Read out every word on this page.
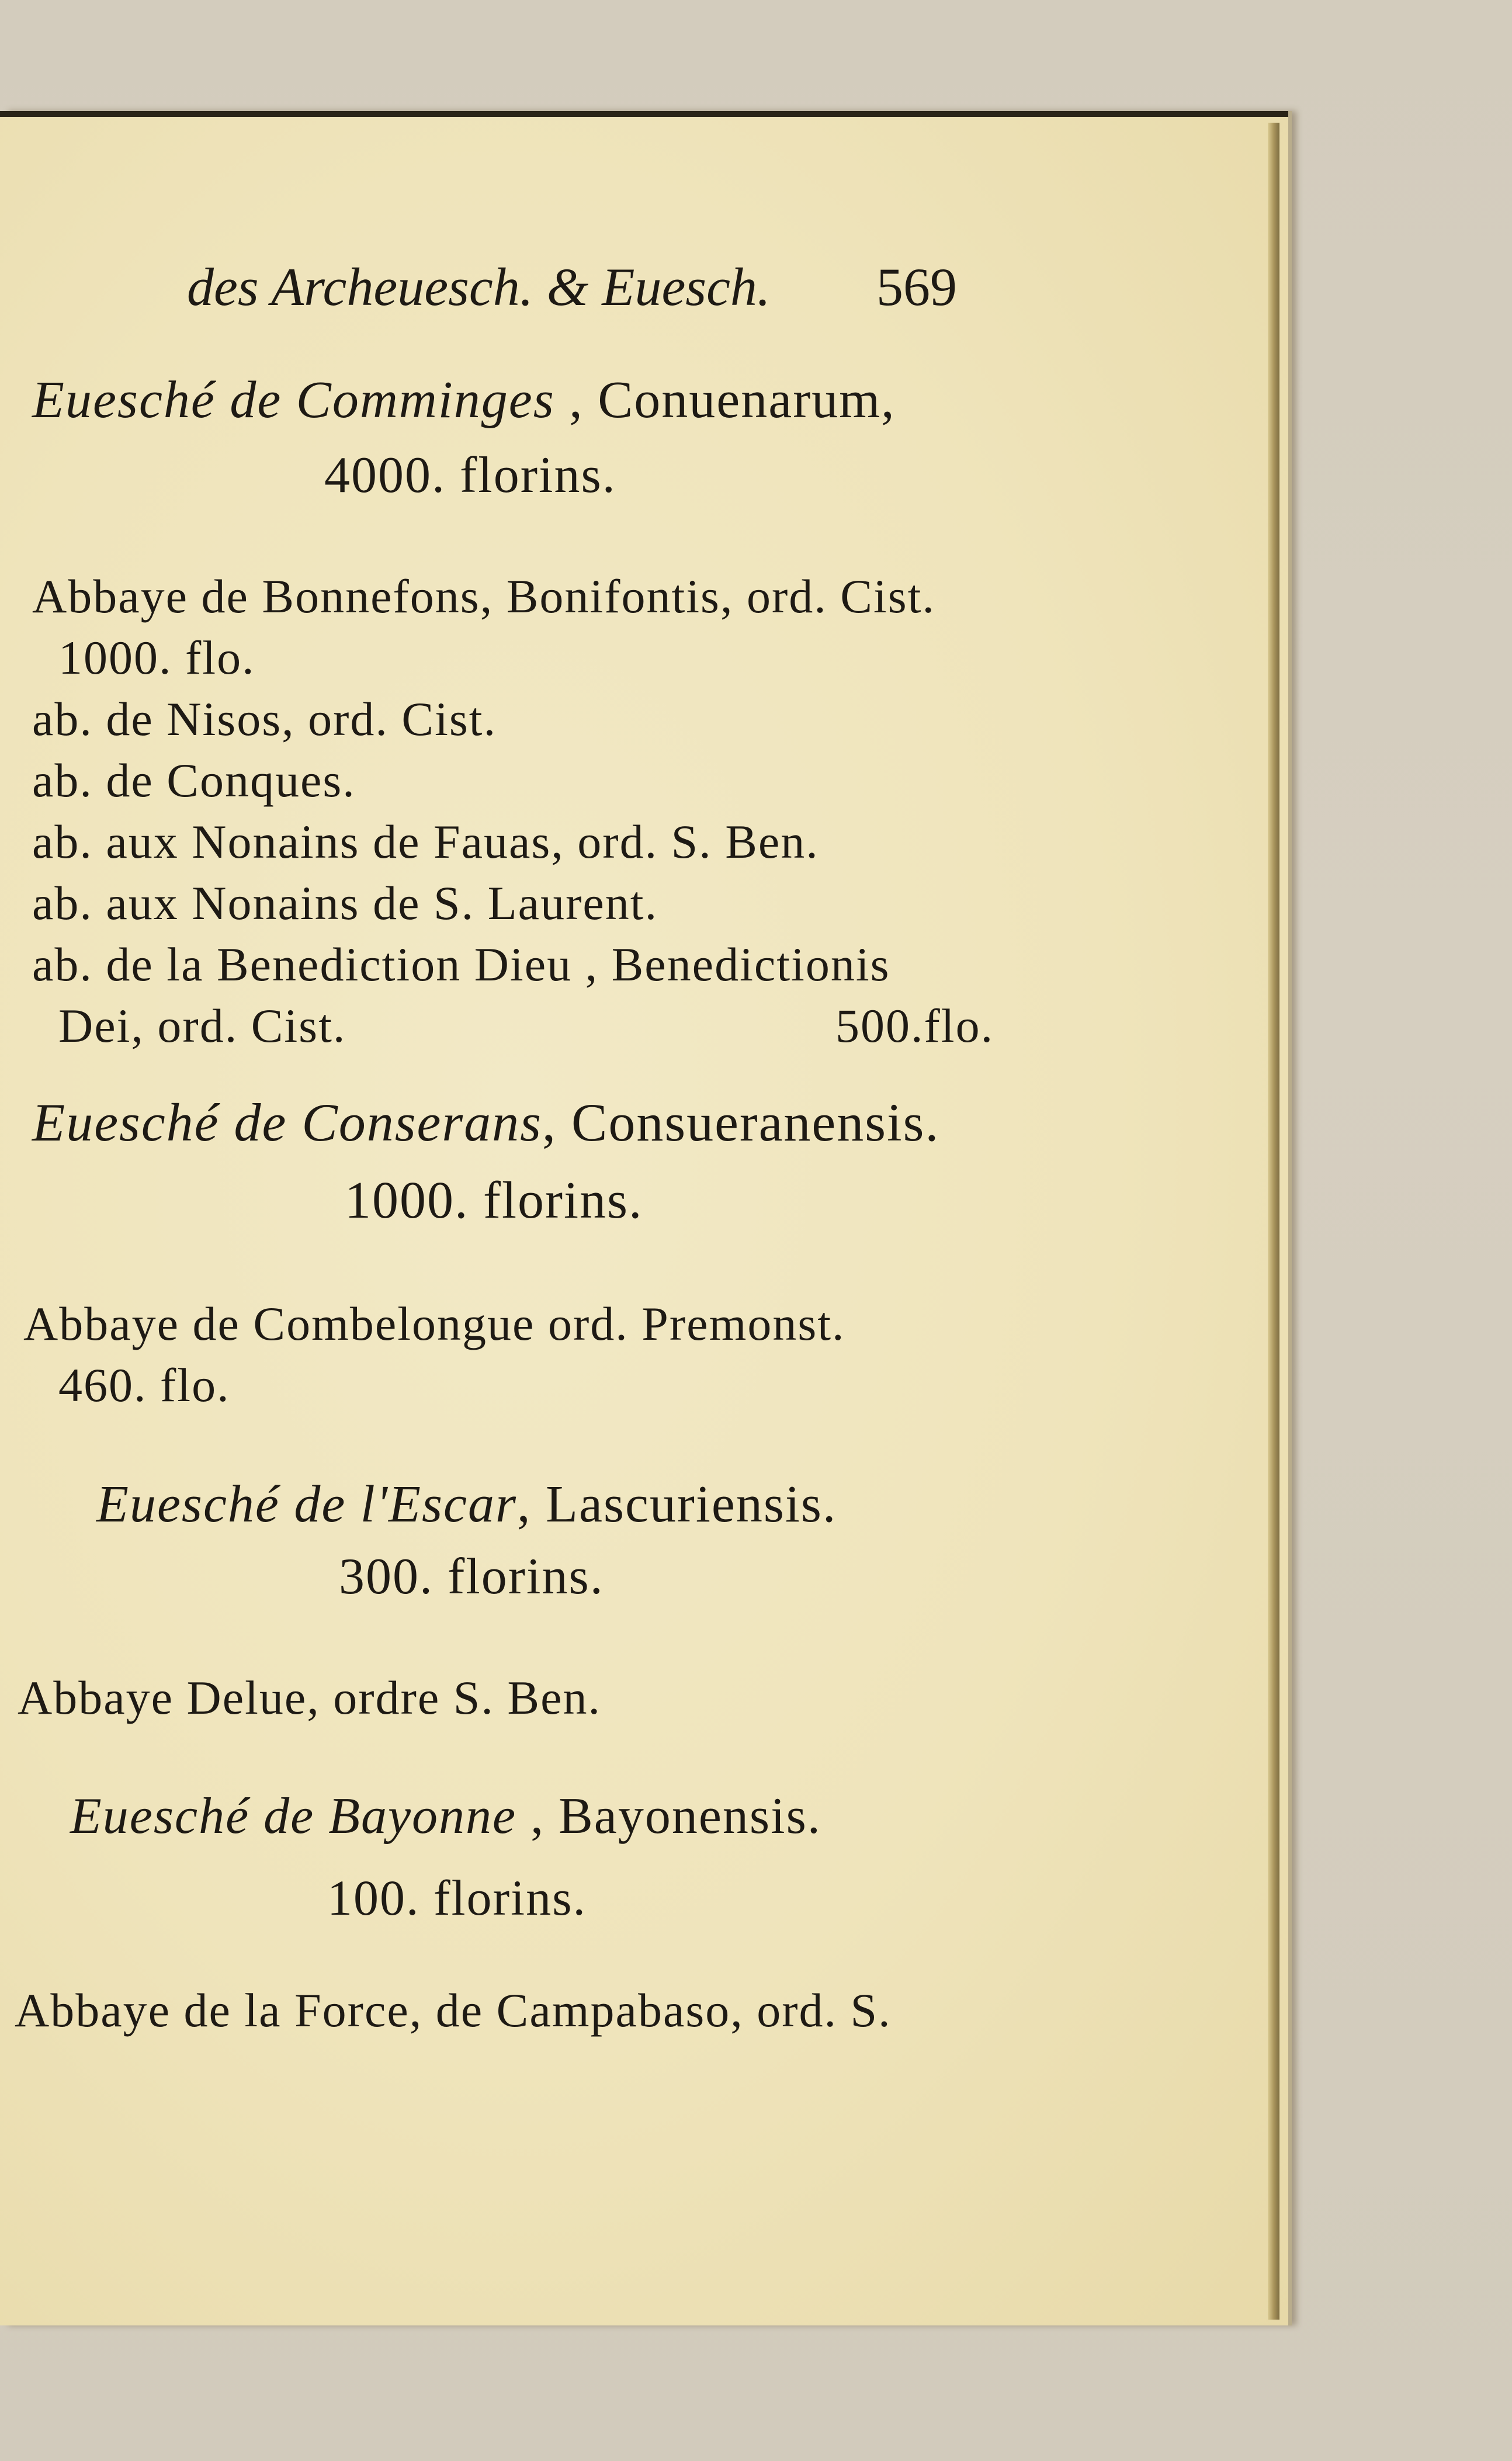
des Archeuesch. & Euesch. 569
Euesché de Comminges , Conuenarum,
4000. florins.
Abbaye de Bonnefons, Bonifontis, ord. Cist.
1000. flo.
ab. de Nisos, ord. Cist.
ab. de Conques.
ab. aux Nonains de Fauas, ord. S. Ben.
ab. aux Nonains de S. Laurent.
ab. de la Benediction Dieu , Benedictionis
Dei, ord. Cist.	500.flo.
Euesché de Conserans, Consueranensis.
1000. florins.
Abbaye de Combelongue ord. Premonst.
460. flo.
Euesché de l'Escar, Lascuriensis.
300. florins.
Abbaye Delue, ordre S. Ben.
Euesché de Bayonne , Bayonensis.
100. florins.
Abbaye de la Force, de Campabaso, ord. S.
